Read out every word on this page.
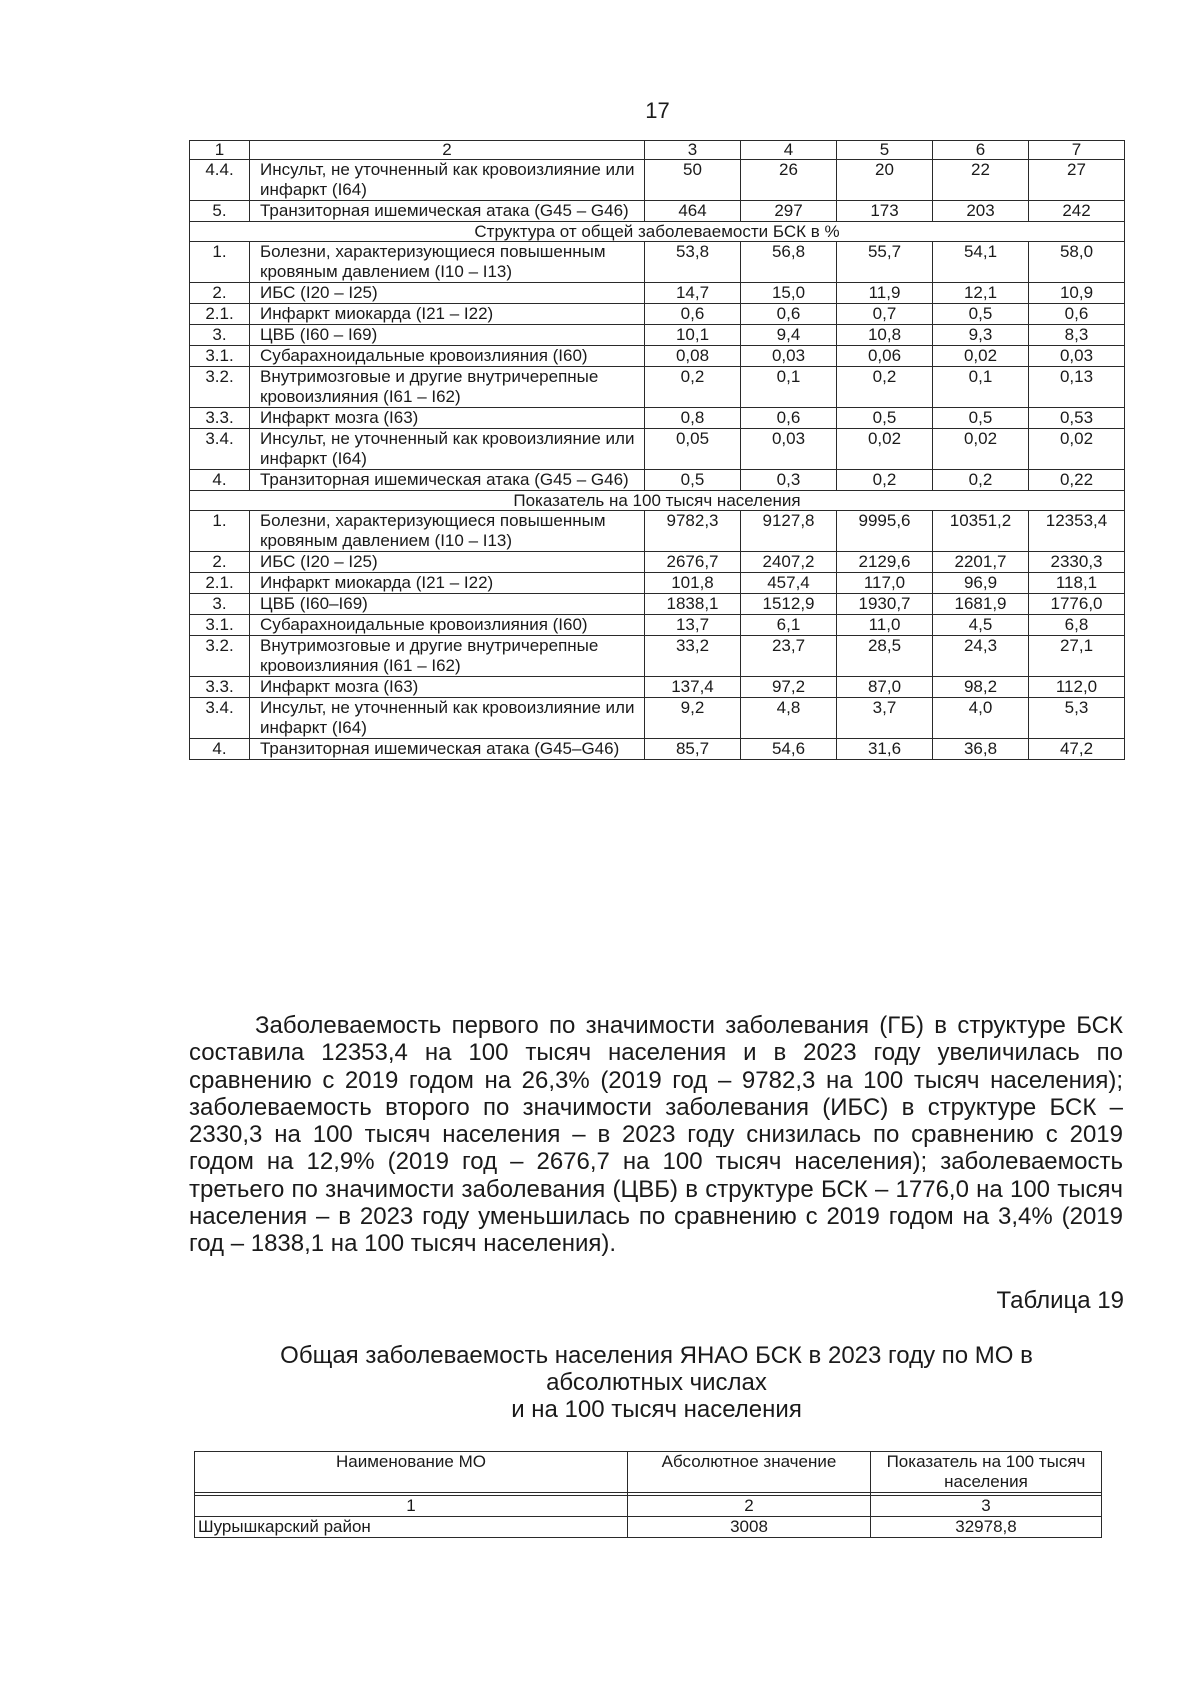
17
1	2	3	4	5	6	7
4.4.	Инсульт, не уточненный как кровоизлияние или инфаркт (I64)	50	26	20	22	27
5.	Транзиторная ишемическая атака (G45 – G46)	464	297	173	203	242
Структура от общей заболеваемости БСК в %						
1.	Болезни, характеризующиеся повышенным кровяным давлением (I10 – I13)	53,8	56,8	55,7	54,1	58,0
2.	ИБС (I20 – I25)	14,7	15,0	11,9	12,1	10,9
2.1.	Инфаркт миокарда (I21 – I22)	0,6	0,6	0,7	0,5	0,6
3.	ЦВБ (I60 – I69)	10,1	9,4	10,8	9,3	8,3
3.1.	Субарахноидальные кровоизлияния (I60)	0,08	0,03	0,06	0,02	0,03
3.2.	Внутримозговые и другие внутричерепные кровоизлияния (I61 – I62)	0,2	0,1	0,2	0,1	0,13
3.3.	Инфаркт мозга (I63)	0,8	0,6	0,5	0,5	0,53
3.4.	Инсульт, не уточненный как кровоизлияние или инфаркт (I64)	0,05	0,03	0,02	0,02	0,02
4.	Транзиторная ишемическая атака (G45 – G46)	0,5	0,3	0,2	0,2	0,22
Показатель на 100 тысяч населения						
1.	Болезни, характеризующиеся повышенным кровяным давлением (I10 – I13)	9782,3	9127,8	9995,6	10351,2	12353,4
2.	ИБС (I20 – I25)	2676,7	2407,2	2129,6	2201,7	2330,3
2.1.	Инфаркт миокарда (I21 – I22)	101,8	457,4	117,0	96,9	118,1
3.	ЦВБ (I60–I69)	1838,1	1512,9	1930,7	1681,9	1776,0
3.1.	Субарахноидальные кровоизлияния (I60)	13,7	6,1	11,0	4,5	6,8
3.2.	Внутримозговые и другие внутричерепные кровоизлияния (I61 – I62)	33,2	23,7	28,5	24,3	27,1
3.3.	Инфаркт мозга (I63)	137,4	97,2	87,0	98,2	112,0
3.4.	Инсульт, не уточненный как кровоизлияние или инфаркт (I64)	9,2	4,8	3,7	4,0	5,3
4.	Транзиторная ишемическая атака (G45–G46)	85,7	54,6	31,6	36,8	47,2

Заболеваемость первого по значимости заболевания (ГБ) в структуре БСК составила 12353,4 на 100 тысяч населения и в 2023 году увеличилась по сравнению с 2019 годом на 26,3% (2019 год – 9782,3 на 100 тысяч населения); заболеваемость второго по значимости заболевания (ИБС) в структуре БСК – 2330,3 на 100 тысяч населения – в 2023 году снизилась по сравнению с 2019 годом на 12,9% (2019 год – 2676,7 на 100 тысяч населения); заболеваемость третьего по значимости заболевания (ЦВБ) в структуре БСК – 1776,0 на 100 тысяч населения – в 2023 году уменьшилась по сравнению с 2019 годом на 3,4% (2019 год – 1838,1 на 100 тысяч населения).

Таблица 19
Общая заболеваемость населения ЯНАО БСК в 2023 году по МО в
абсолютных числах
и на 100 тысяч населения
Наименование МО	Абсолютное значение	Показатель на 100 тысяч населения

1	2	3
Шурышкарский район	3008	32978,8
